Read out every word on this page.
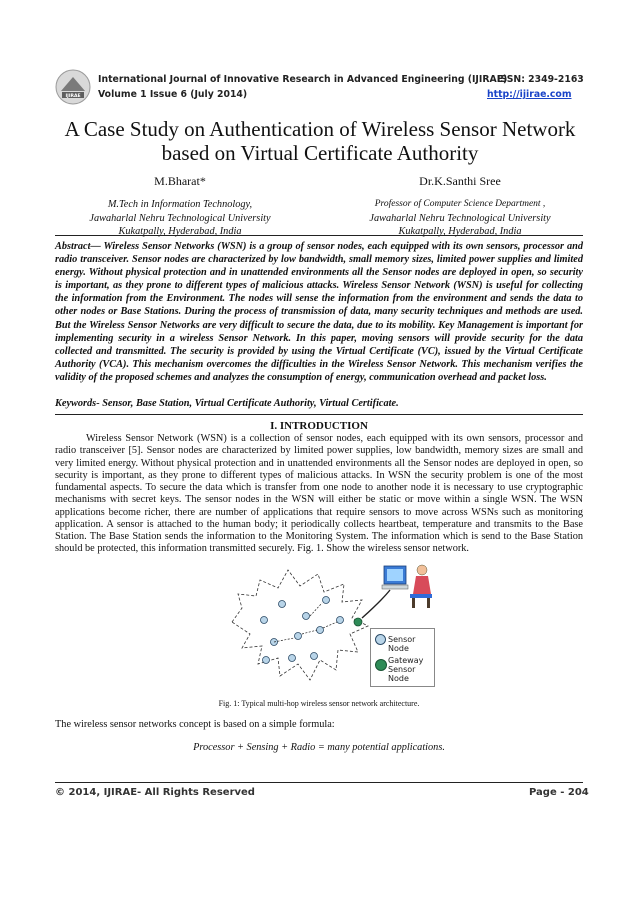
IJIRAE
International Journal of Innovative Research in Advanced Engineering (IJIRAE)
Volume 1 Issue 6 (July 2014)
ISSN: 2349-2163
http://ijirae.com
A Case Study on Authentication of Wireless Sensor Network
based on Virtual Certificate Authority
M.Bharat*
M.Tech in Information Technology,
Jawaharlal Nehru Technological University
Kukatpally, Hyderabad, India
Dr.K.Santhi Sree
Professor of Computer Science Department ,
Jawaharlal Nehru Technological University
Kukatpally, Hyderabad, India
Abstract— Wireless Sensor Networks (WSN) is a group of sensor nodes, each equipped with its own sensors, processor and radio transceiver. Sensor nodes are characterized by low bandwidth, small memory sizes, limited power supplies and limited energy. Without physical protection and in unattended environments all the Sensor nodes are deployed in open, so security is important, as they prone to different types of malicious attacks. Wireless Sensor Network (WSN) is useful for collecting the information from the Environment. The nodes will sense the information from the environment and sends the data to other nodes or Base Stations. During the process of transmission of data, many security techniques and methods are used. But the Wireless Sensor Networks are very difficult to secure the data, due to its mobility. Key Management is important for implementing security in a wireless Sensor Network. In this paper, moving sensors will provide security for the data collected and transmitted. The security is provided by using the Virtual Certificate (VC), issued by the Virtual Certificate Authority (VCA). This mechanism overcomes the difficulties in the Wireless Sensor Network. This mechanism verifies the validity of the proposed schemes and analyzes the consumption of energy, communication overhead and packet loss.
Keywords- Sensor, Base Station, Virtual Certificate Authority, Virtual Certificate.
I. INTRODUCTION
Wireless Sensor Network (WSN) is a collection of sensor nodes, each equipped with its own sensors, processor and radio transceiver [5]. Sensor nodes are characterized by limited power supplies, low bandwidth, memory sizes are small and very limited energy. Without physical protection and in unattended environments all the Sensor nodes are deployed in open, so security is important, as they prone to different types of malicious attacks. In WSN the security problem is one of the most fundamental aspects. To secure the data which is transfer from one node to another node it is necessary to use cryptographic mechanisms with secret keys. The sensor nodes in the WSN will either be static or move within a single WSN. The WSN applications become richer, there are number of applications that require sensors to move across WSNs such as monitoring application. A sensor is attached to the human body; it periodically collects heartbeat, temperature and transmits to the Base Station. The Base Station sends the information to the Monitoring System. The information which is send to the Base Station should be protected, this information transmitted securely. Fig. 1. Show the wireless sensor network.
Sensor Node
Gateway
Sensor Node
Fig. 1: Typical multi-hop wireless sensor network architecture.
The wireless sensor networks concept is based on a simple formula:
Processor + Sensing + Radio = many potential applications.
© 2014, IJIRAE- All Rights Reserved	Page - 204
